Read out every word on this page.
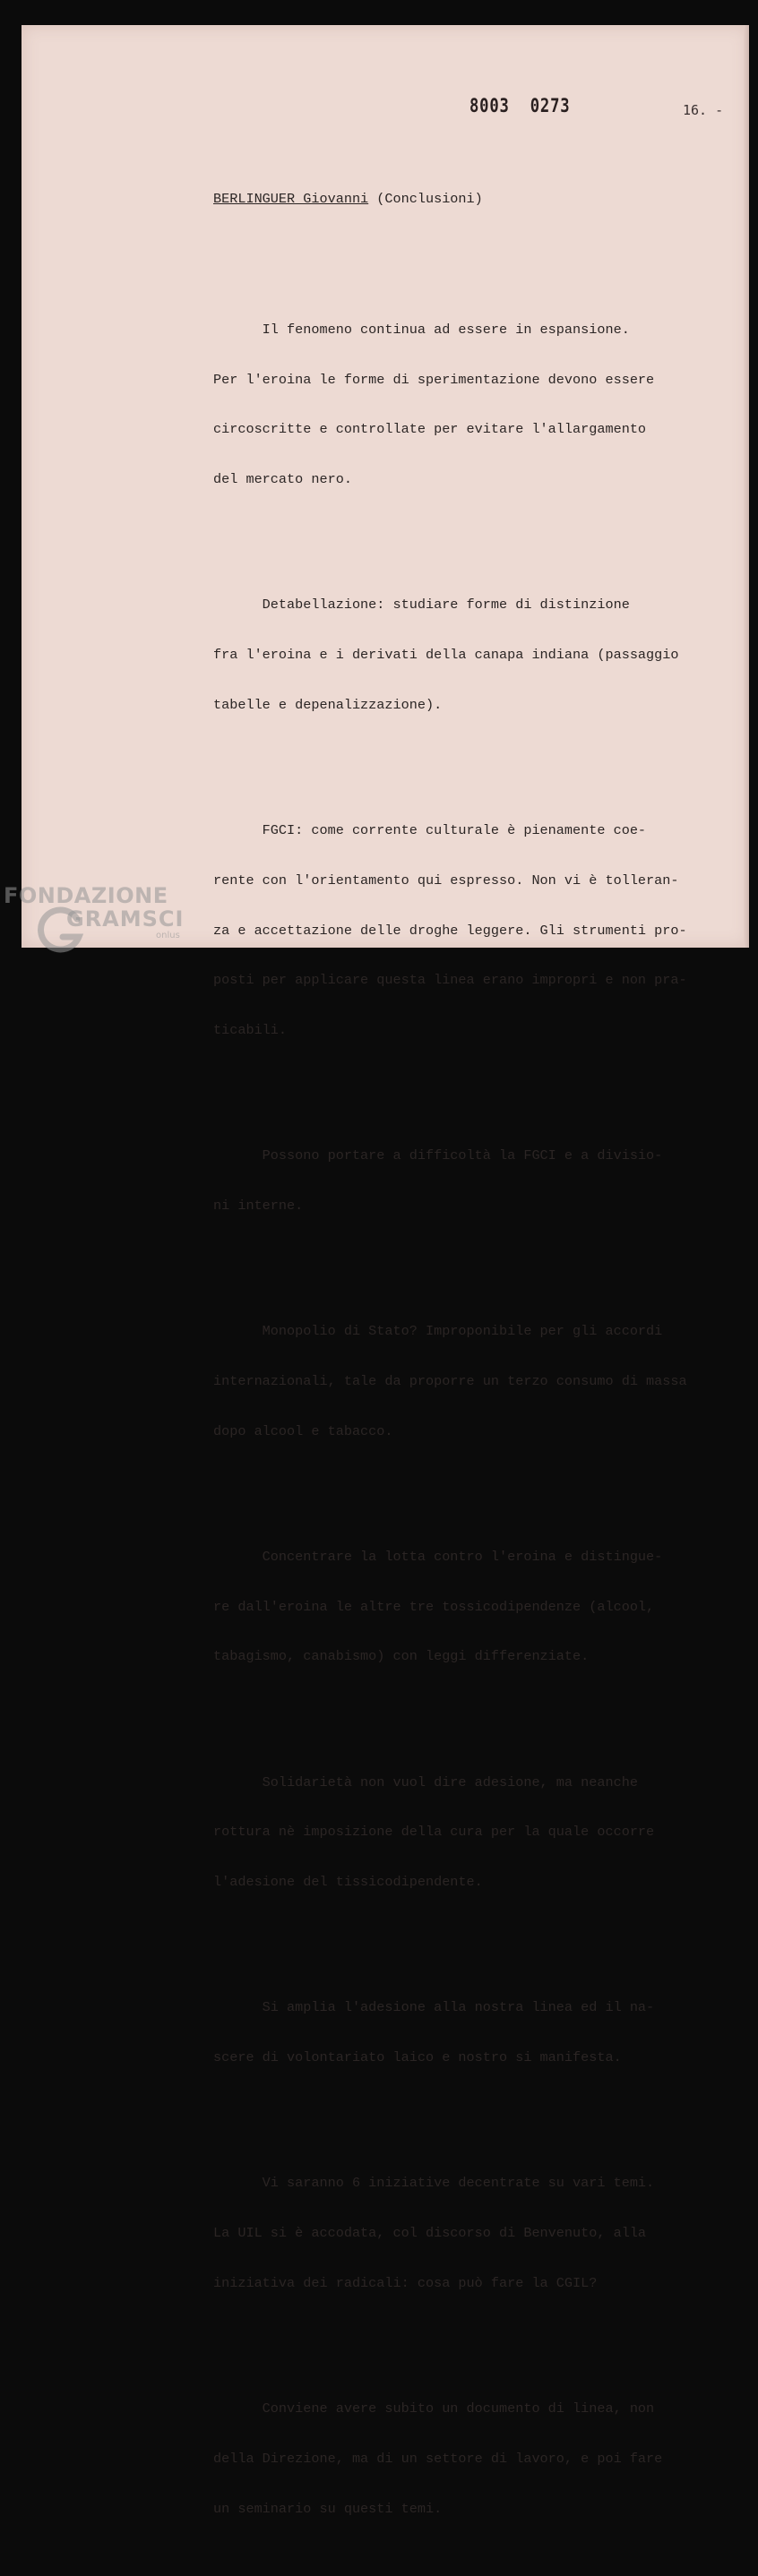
8003 0273	16. -

BERLINGUER Giovanni (Conclusioni)

Il fenomeno continua ad essere in espansione.

Per l'eroina le forme di sperimentazione devono essere

circoscritte e controllate per evitare l'allargamento

del mercato nero.

Detabellazione: studiare forme di distinzione

fra l'eroina e i derivati della canapa indiana (passaggio

tabelle e depenalizzazione).

FGCI: come corrente culturale è pienamente coe-

rente con l'orientamento qui espresso. Non vi è tolleran-

za e accettazione delle droghe leggere. Gli strumenti pro-

posti per applicare questa linea erano impropri e non pra-

ticabili.

Possono portare a difficoltà la FGCI e a divisio-

ni interne.

Monopolio di Stato? Improponibile per gli accordi

internazionali, tale da proporre un terzo consumo di massa

dopo alcool e tabacco.

Concentrare la lotta contro l'eroina e distingue-

re dall'eroina le altre tre tossicodipendenze (alcool,

tabagismo, canabismo) con leggi differenziate.

Solidarietà non vuol dire adesione, ma neanche

rottura nè imposizione della cura per la quale occorre

l'adesione del tissicodipendente.

Si amplia l'adesione alla nostra linea ed il na-

scere di volontariato laico e nostro si manifesta.

Vi saranno 6 iniziative decentrate su vari temi.

La UIL si è accodata, col discorso di Benvenuto, alla

iniziativa dei radicali: cosa può fare la CGIL?

Conviene avere subito un documento di linea, non

della Direzione, ma di un settore di lavoro, e poi fare

un seminario su questi temi.

FONDAZIONE
GRAMSCI
onlus
